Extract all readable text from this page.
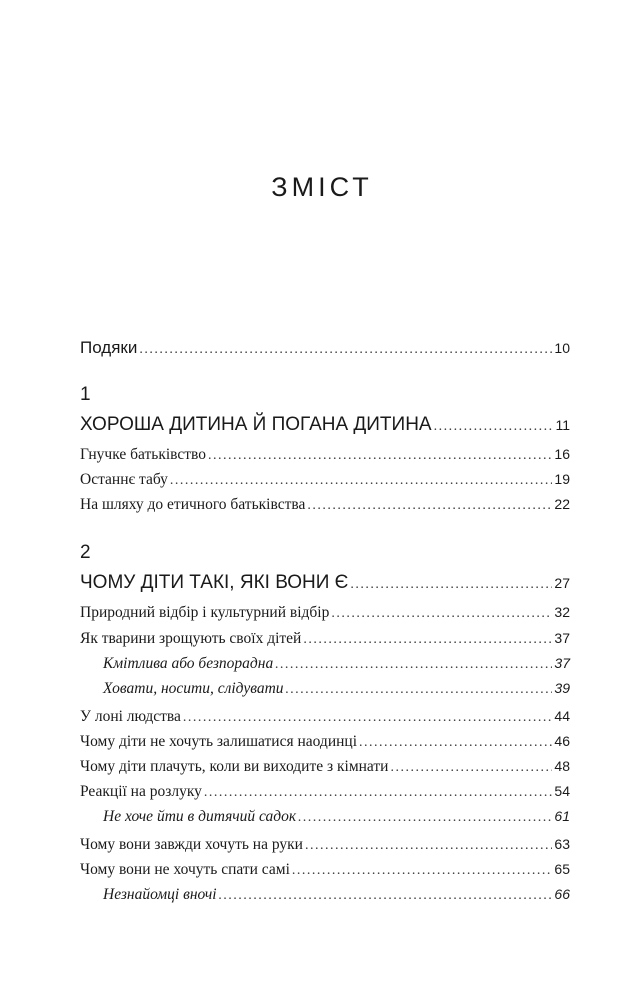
ЗМІСТ
Подяки . . .	10
1
ХОРОША ДИТИНА Й ПОГАНА ДИТИНА . . .	11
Гнучке батьківство . . .	16
Останнє табу . . .	19
На шляху до етичного батьківства . . .	22
2
ЧОМУ ДІТИ ТАКІ, ЯКІ ВОНИ Є . . .	27
Природний відбір і культурний відбір . . .	32
Як тварини зрощують своїх дітей . . .	37
Кмітлива або безпорадна . . .	37
Ховати, носити, слідувати . . .	39
У лоні людства . . .	44
Чому діти не хочуть залишатися наодинці . . .	46
Чому діти плачуть, коли ви виходите з кімнати . . .	48
Реакції на розлуку . . .	54
Не хоче йти в дитячий садок . . .	61
Чому вони завжди хочуть на руки . . .	63
Чому вони не хочуть спати самі . . .	65
Незнайомці вночі . . .	66
